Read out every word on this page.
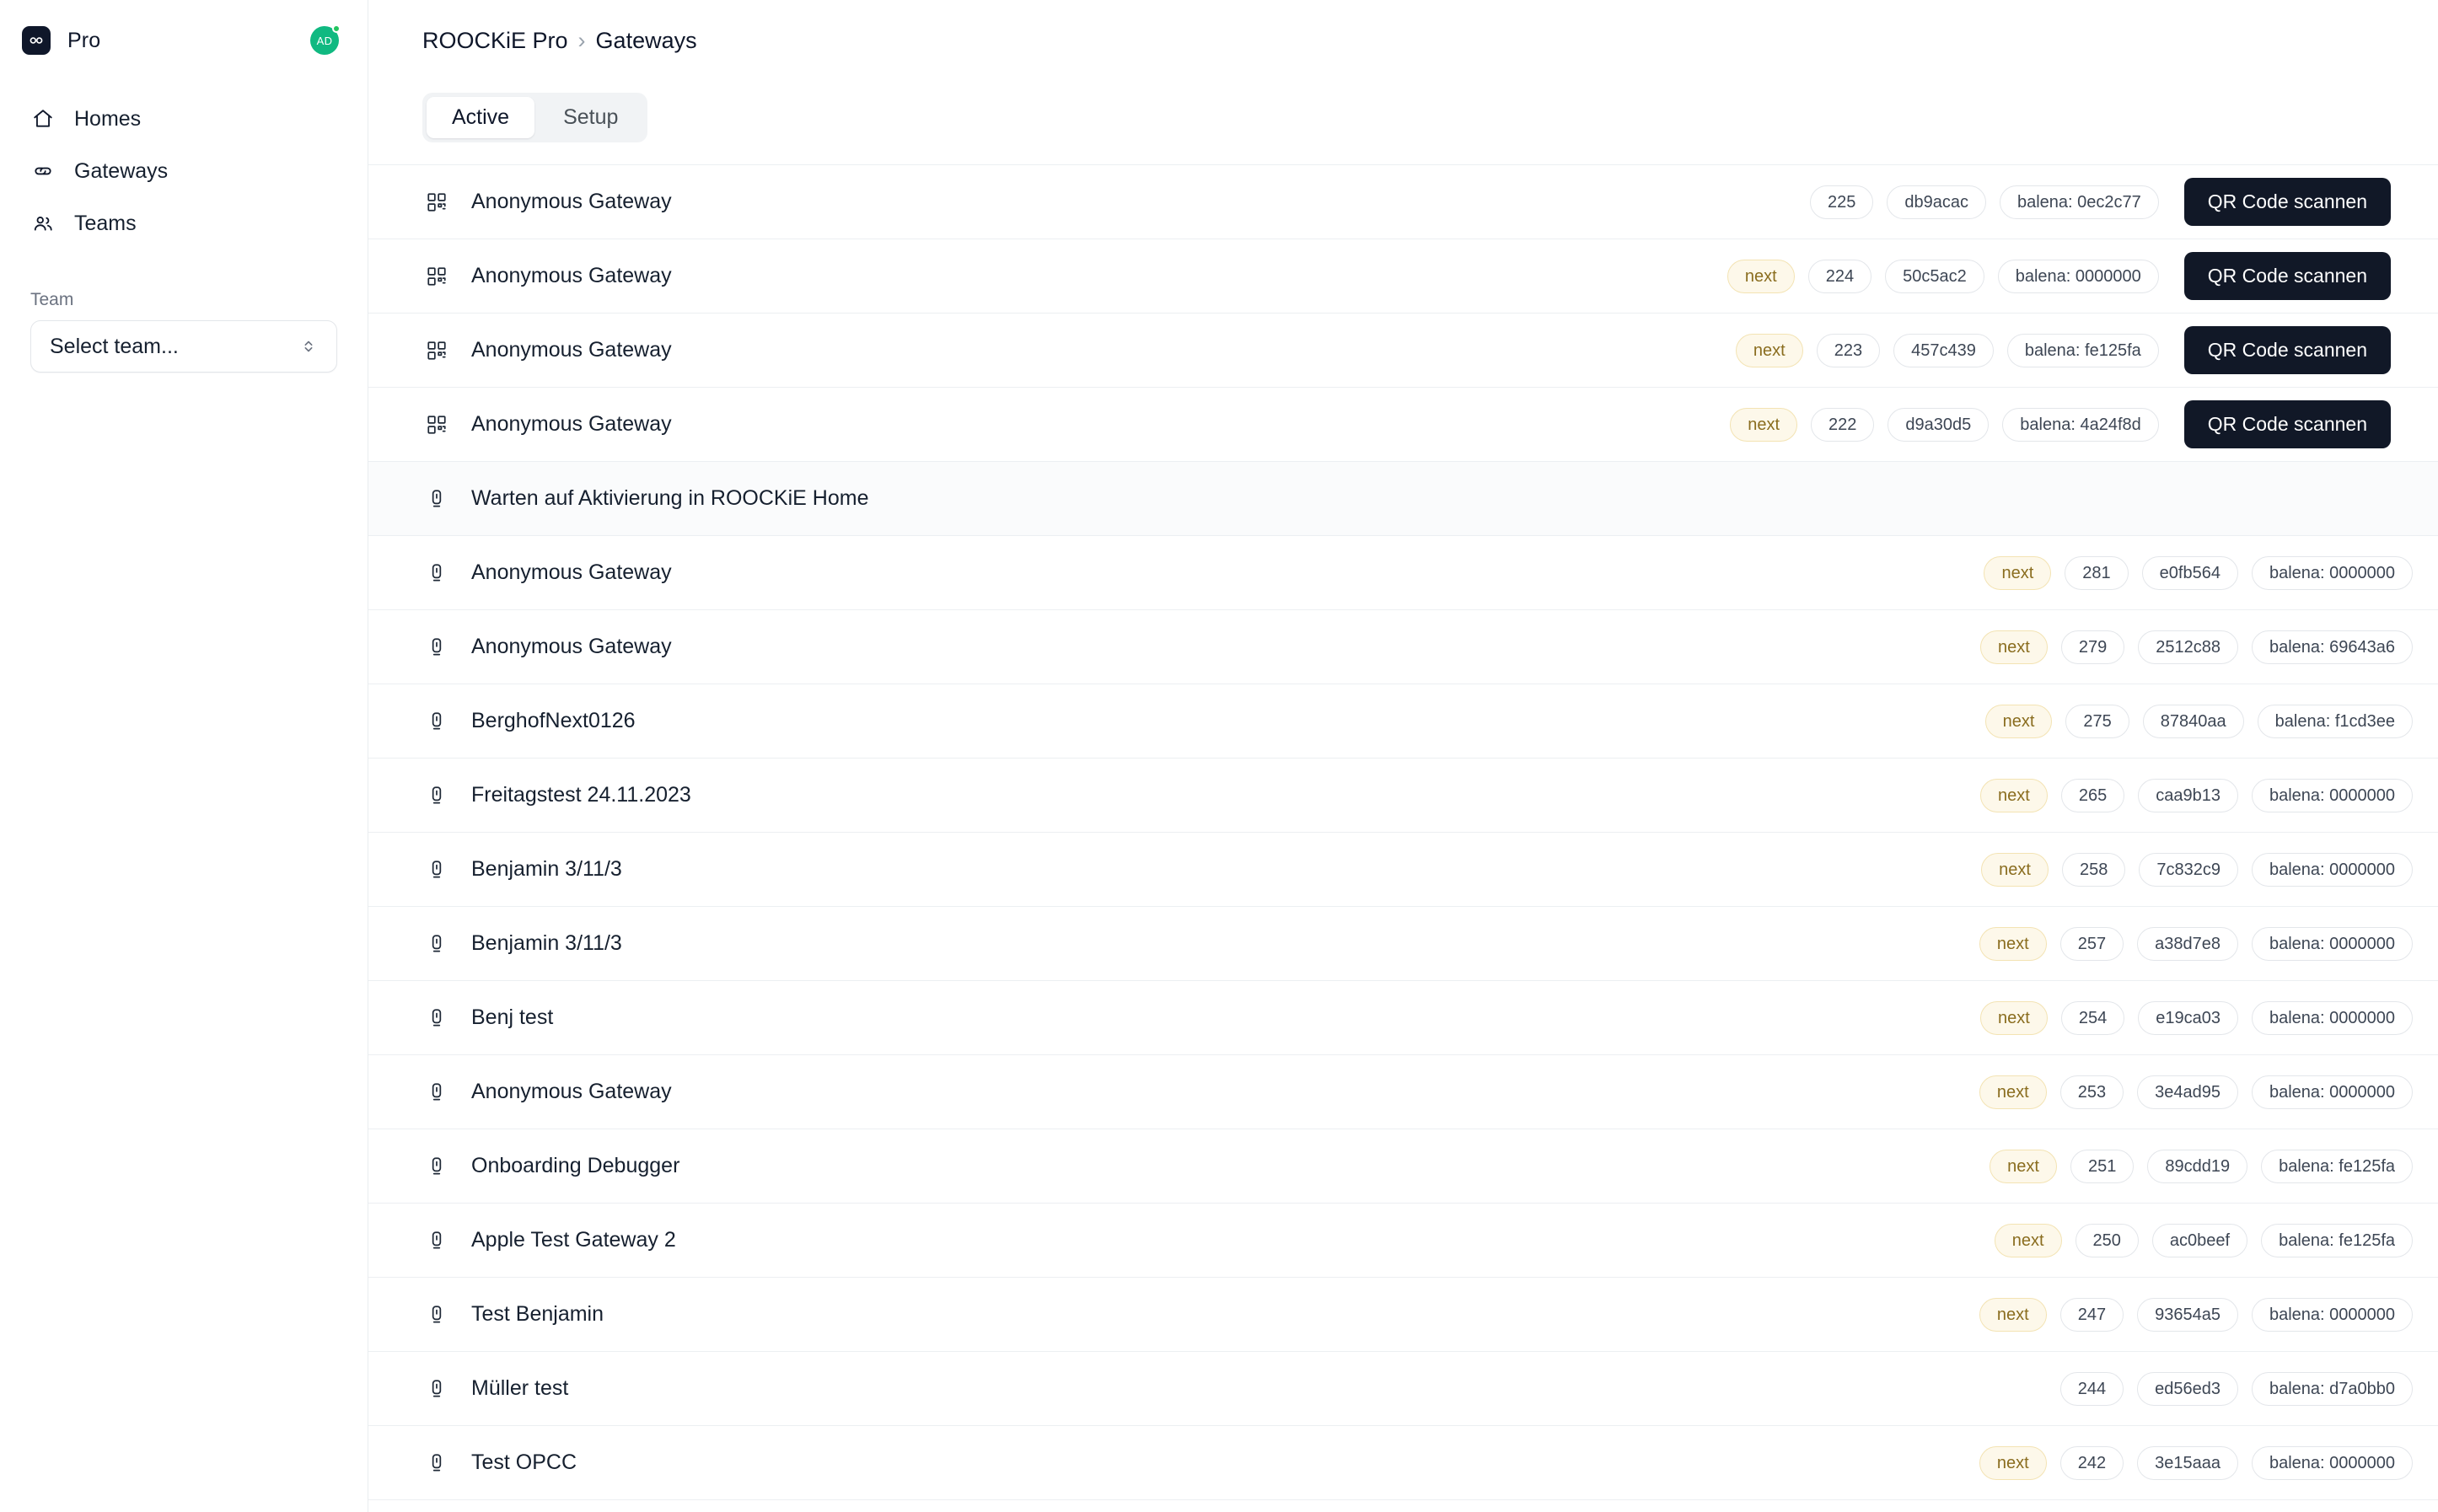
Pro	AD
Homes
Gateways
Teams
Team
Select team...
ROOCKiE Pro › Gateways
Active	Setup
Anonymous Gateway	225	db9acac	balena: 0ec2c77	QR Code scannen
Anonymous Gateway	next	224	50c5ac2	balena: 0000000	QR Code scannen
Anonymous Gateway	next	223	457c439	balena: fe125fa	QR Code scannen
Anonymous Gateway	next	222	d9a30d5	balena: 4a24f8d	QR Code scannen
Warten auf Aktivierung in ROOCKiE Home
Anonymous Gateway	next	281	e0fb564	balena: 0000000
Anonymous Gateway	next	279	2512c88	balena: 69643a6
BerghofNext0126	next	275	87840aa	balena: f1cd3ee
Freitagstest 24.11.2023	next	265	caa9b13	balena: 0000000
Benjamin 3/11/3	next	258	7c832c9	balena: 0000000
Benjamin 3/11/3	next	257	a38d7e8	balena: 0000000
Benj test	next	254	e19ca03	balena: 0000000
Anonymous Gateway	next	253	3e4ad95	balena: 0000000
Onboarding Debugger	next	251	89cdd19	balena: fe125fa
Apple Test Gateway 2	next	250	ac0beef	balena: fe125fa
Test Benjamin	next	247	93654a5	balena: 0000000
Müller test	244	ed56ed3	balena: d7a0bb0
Test OPCC	next	242	3e15aaa	balena: 0000000
